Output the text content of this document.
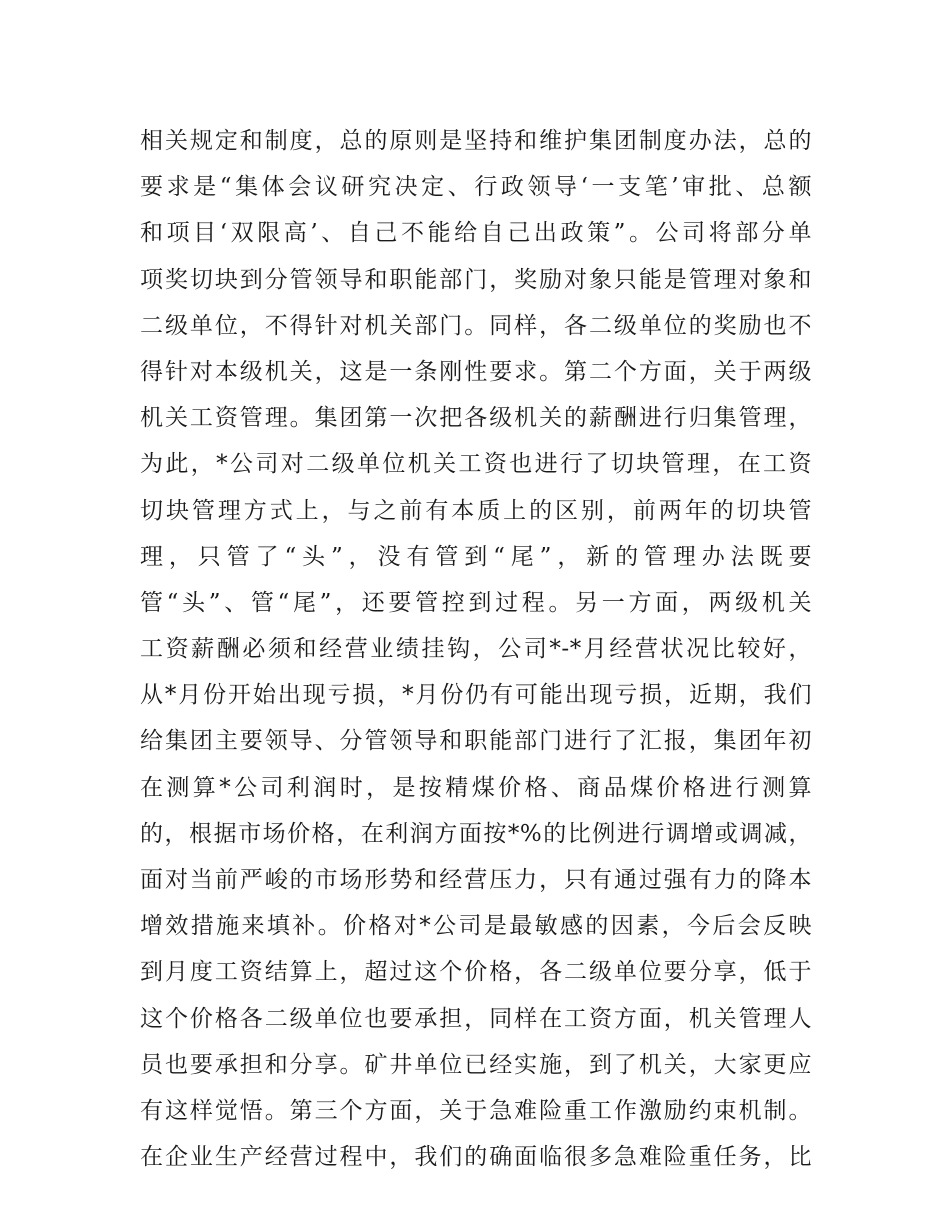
相关规定和制度，总的原则是坚持和维护集团制度办法，总的
要求是“集体会议研究决定、行政领导‘一支笔’审批、总额
和项目‘双限高’、自己不能给自己出政策”。公司将部分单
项奖切块到分管领导和职能部门，奖励对象只能是管理对象和
二级单位，不得针对机关部门。同样，各二级单位的奖励也不
得针对本级机关，这是一条刚性要求。第二个方面，关于两级
机关工资管理。集团第一次把各级机关的薪酬进行归集管理，
为此，*公司对二级单位机关工资也进行了切块管理，在工资
切块管理方式上，与之前有本质上的区别，前两年的切块管
理，只管了“头”，没有管到“尾”，新的管理办法既要
管“头”、管“尾”，还要管控到过程。另一方面，两级机关
工资薪酬必须和经营业绩挂钩，公司*-*月经营状况比较好，
从*月份开始出现亏损，*月份仍有可能出现亏损，近期，我们
给集团主要领导、分管领导和职能部门进行了汇报，集团年初
在测算*公司利润时，是按精煤价格、商品煤价格进行测算
的，根据市场价格，在利润方面按*%的比例进行调增或调减，
面对当前严峻的市场形势和经营压力，只有通过强有力的降本
增效措施来填补。价格对*公司是最敏感的因素，今后会反映
到月度工资结算上，超过这个价格，各二级单位要分享，低于
这个价格各二级单位也要承担，同样在工资方面，机关管理人
员也要承担和分享。矿井单位已经实施，到了机关，大家更应
有这样觉悟。第三个方面，关于急难险重工作激励约束机制。
在企业生产经营过程中，我们的确面临很多急难险重任务，比
